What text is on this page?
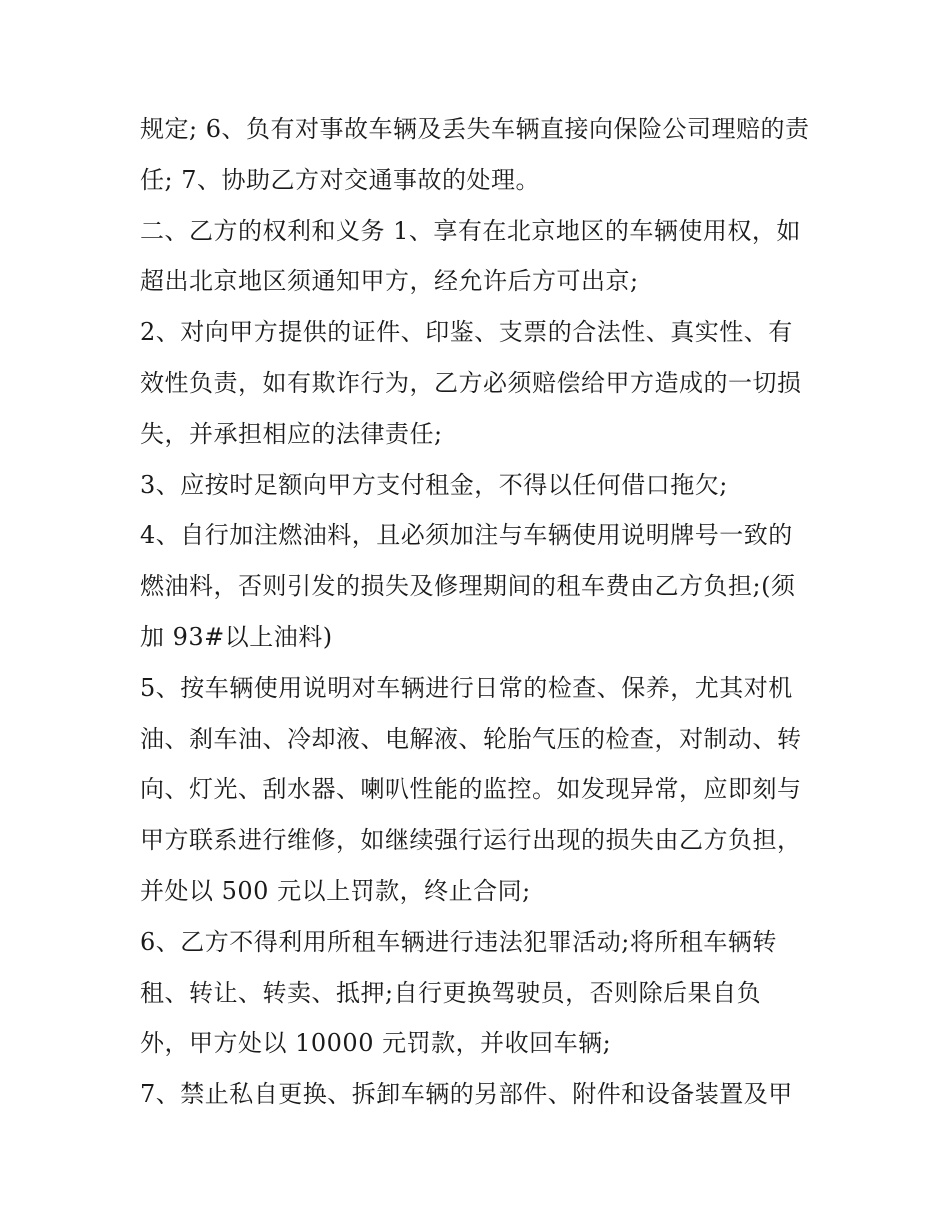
规定; 6、负有对事故车辆及丢失车辆直接向保险公司理赔的责
任; 7、协助乙方对交通事故的处理。
二、乙方的权利和义务 1、享有在北京地区的车辆使用权，如
超出北京地区须通知甲方，经允许后方可出京;
2、对向甲方提供的证件、印鉴、支票的合法性、真实性、有
效性负责，如有欺诈行为，乙方必须赔偿给甲方造成的一切损
失，并承担相应的法律责任;
3、应按时足额向甲方支付租金，不得以任何借口拖欠;
4、自行加注燃油料，且必须加注与车辆使用说明牌号一致的
燃油料，否则引发的损失及修理期间的租车费由乙方负担;(须
加 93#以上油料)
5、按车辆使用说明对车辆进行日常的检查、保养，尤其对机
油、刹车油、冷却液、电解液、轮胎气压的检查，对制动、转
向、灯光、刮水器、喇叭性能的监控。如发现异常，应即刻与
甲方联系进行维修，如继续强行运行出现的损失由乙方负担，
并处以 500 元以上罚款，终止合同;
6、乙方不得利用所租车辆进行违法犯罪活动;将所租车辆转
租、转让、转卖、抵押;自行更换驾驶员，否则除后果自负
外，甲方处以 10000 元罚款，并收回车辆;
7、禁止私自更换、拆卸车辆的另部件、附件和设备装置及甲
